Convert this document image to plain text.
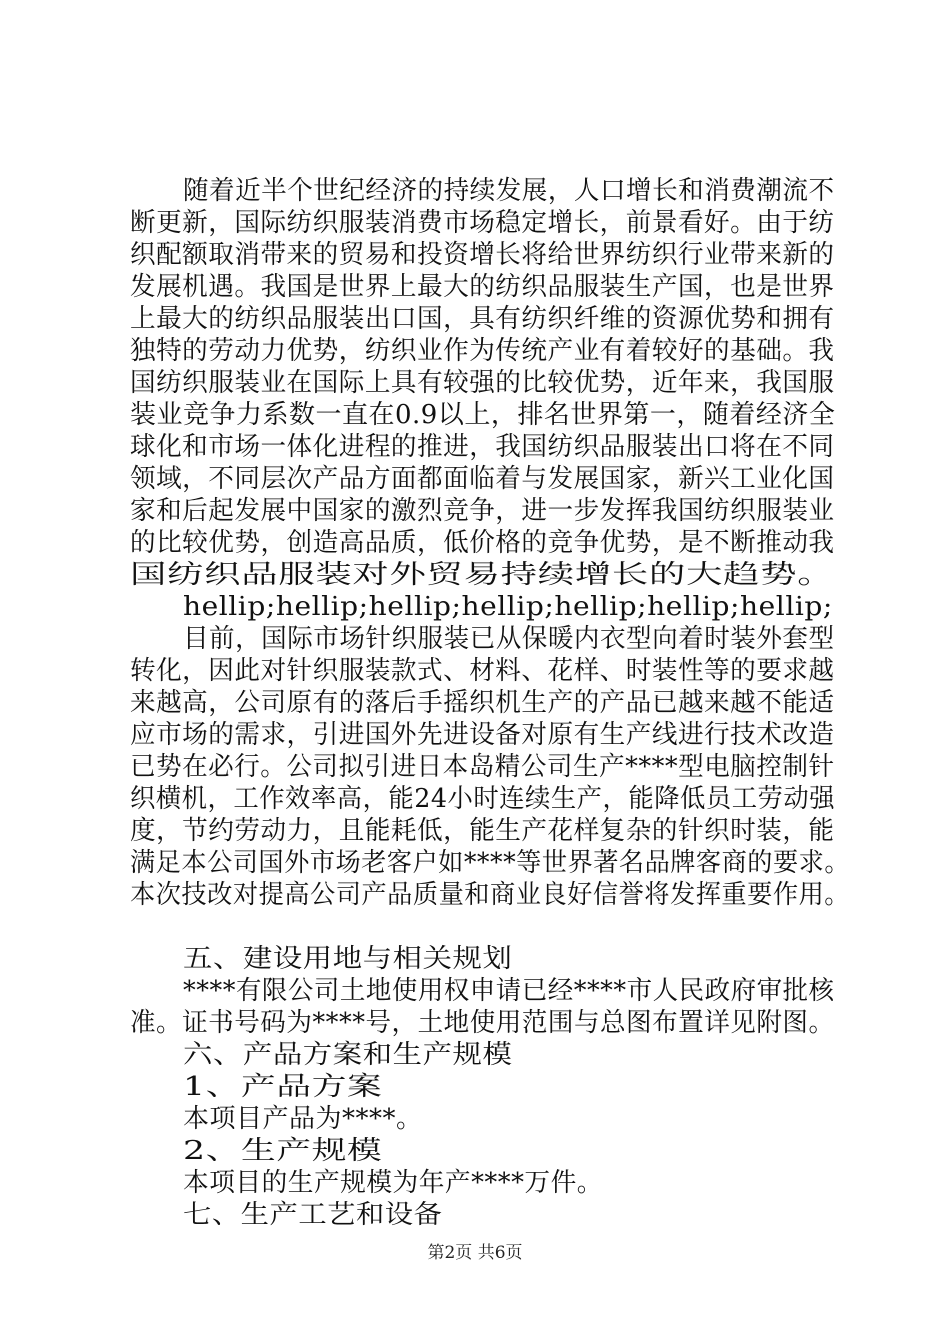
随着近半个世纪经济的持续发展，人口增长和消费潮流不
断更新，国际纺织服装消费市场稳定增长，前景看好。由于纺
织配额取消带来的贸易和投资增长将给世界纺织行业带来新的
发展机遇。我国是世界上最大的纺织品服装生产国，也是世界
上最大的纺织品服装出口国，具有纺织纤维的资源优势和拥有
独特的劳动力优势，纺织业作为传统产业有着较好的基础。我
国纺织服装业在国际上具有较强的比较优势，近年来，我国服
装业竞争力系数一直在0.9以上，排名世界第一，随着经济全
球化和市场一体化进程的推进，我国纺织品服装出口将在不同
领域，不同层次产品方面都面临着与发展国家，新兴工业化国
家和后起发展中国家的激烈竞争，进一步发挥我国纺织服装业
的比较优势，创造高品质，低价格的竞争优势，是不断推动我
国纺织品服装对外贸易持续增长的大趋势。
hellip;hellip;hellip;hellip;hellip;hellip;hellip;
目前，国际市场针织服装已从保暖内衣型向着时装外套型
转化，因此对针织服装款式、材料、花样、时装性等的要求越
来越高，公司原有的落后手摇织机生产的产品已越来越不能适
应市场的需求，引进国外先进设备对原有生产线进行技术改造
已势在必行。公司拟引进日本岛精公司生产****型电脑控制针
织横机，工作效率高，能24小时连续生产，能降低员工劳动强
度，节约劳动力，且能耗低，能生产花样复杂的针织时装，能
满足本公司国外市场老客户如****等世界著名品牌客商的要求。
本次技改对提高公司产品质量和商业良好信誉将发挥重要作用。
五、建设用地与相关规划
****有限公司土地使用权申请已经****市人民政府审批核
准。证书号码为****号，土地使用范围与总图布置详见附图。
六、产品方案和生产规模
1、产品方案
本项目产品为****。
2、生产规模
本项目的生产规模为年产****万件。
七、生产工艺和设备
第2页 共6页
